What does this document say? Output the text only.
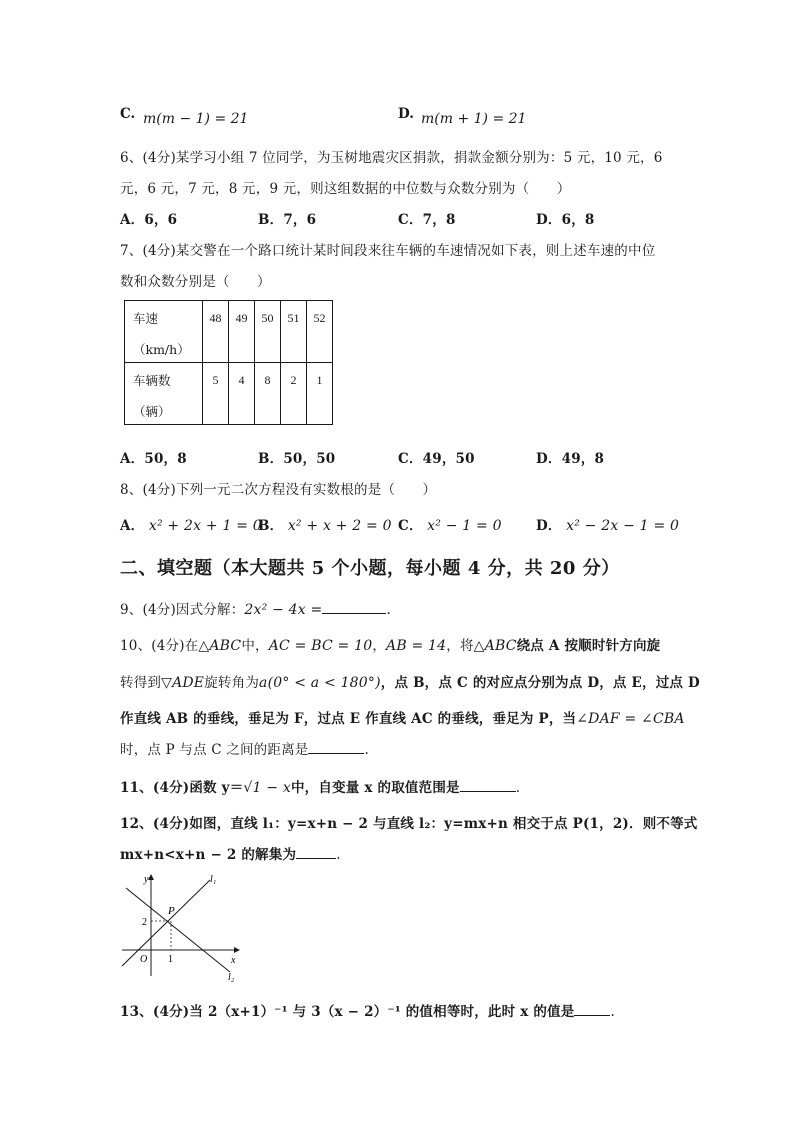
C. m(m − 1) = 21	D. m(m + 1) = 21
6、(4分)某学习小组 7 位同学，为玉树地震灾区捐款，捐款金额分别为：5 元，10 元，6
元，6 元，7 元，8 元，9 元，则这组数据的中位数与众数分别为（　　）
A．6，6	B．7，6	C．7，8	D．6，8
7、(4分)某交警在一个路口统计某时间段来往车辆的车速情况如下表，则上述车速的中位
数和众数分别是（　　）
车速
（km/h）	48	49	50	51	52

车辆数
（辆）	5	4	8	2	1
A．50，8	B．50，50	C．49，50	D．49，8
8、(4分)下列一元二次方程没有实数根的是（　　）
A． x² + 2x + 1 = 0
B． x² + x + 2 = 0 C． x² − 1 = 0	D． x² − 2x − 1 = 0
二、填空题（本大题共 5 个小题，每小题 4 分，共 20 分）
9、(4分)因式分解：2x² − 4x =	.
10、(4分)在△ABC中，AC = BC = 10，AB = 14，将△ABC绕点 A 按顺时针方向旋
转得到▽ADE旋转角为a(0° < a < 180°)，点 B，点 C 的对应点分别为点 D，点 E，过点 D
作直线 AB 的垂线，垂足为 F，过点 E 作直线 AC 的垂线，垂足为 P，当∠DAF = ∠CBA
时，点 P 与点 C 之间的距离是	.
11、(4分)函数 y＝√1 − x中，自变量 x 的取值范围是	.
12、(4分)如图，直线 l₁：y=x+n − 2 与直线 l₂：y=mx+n 相交于点 P(1，2)．则不等式
mx+n<x+n − 2 的解集为	.
y
x
O
P
2
1
l₁
l₂
13、(4分)当 2（x+1）⁻¹ 与 3（x − 2）⁻¹ 的值相等时，此时 x 的值是	.
